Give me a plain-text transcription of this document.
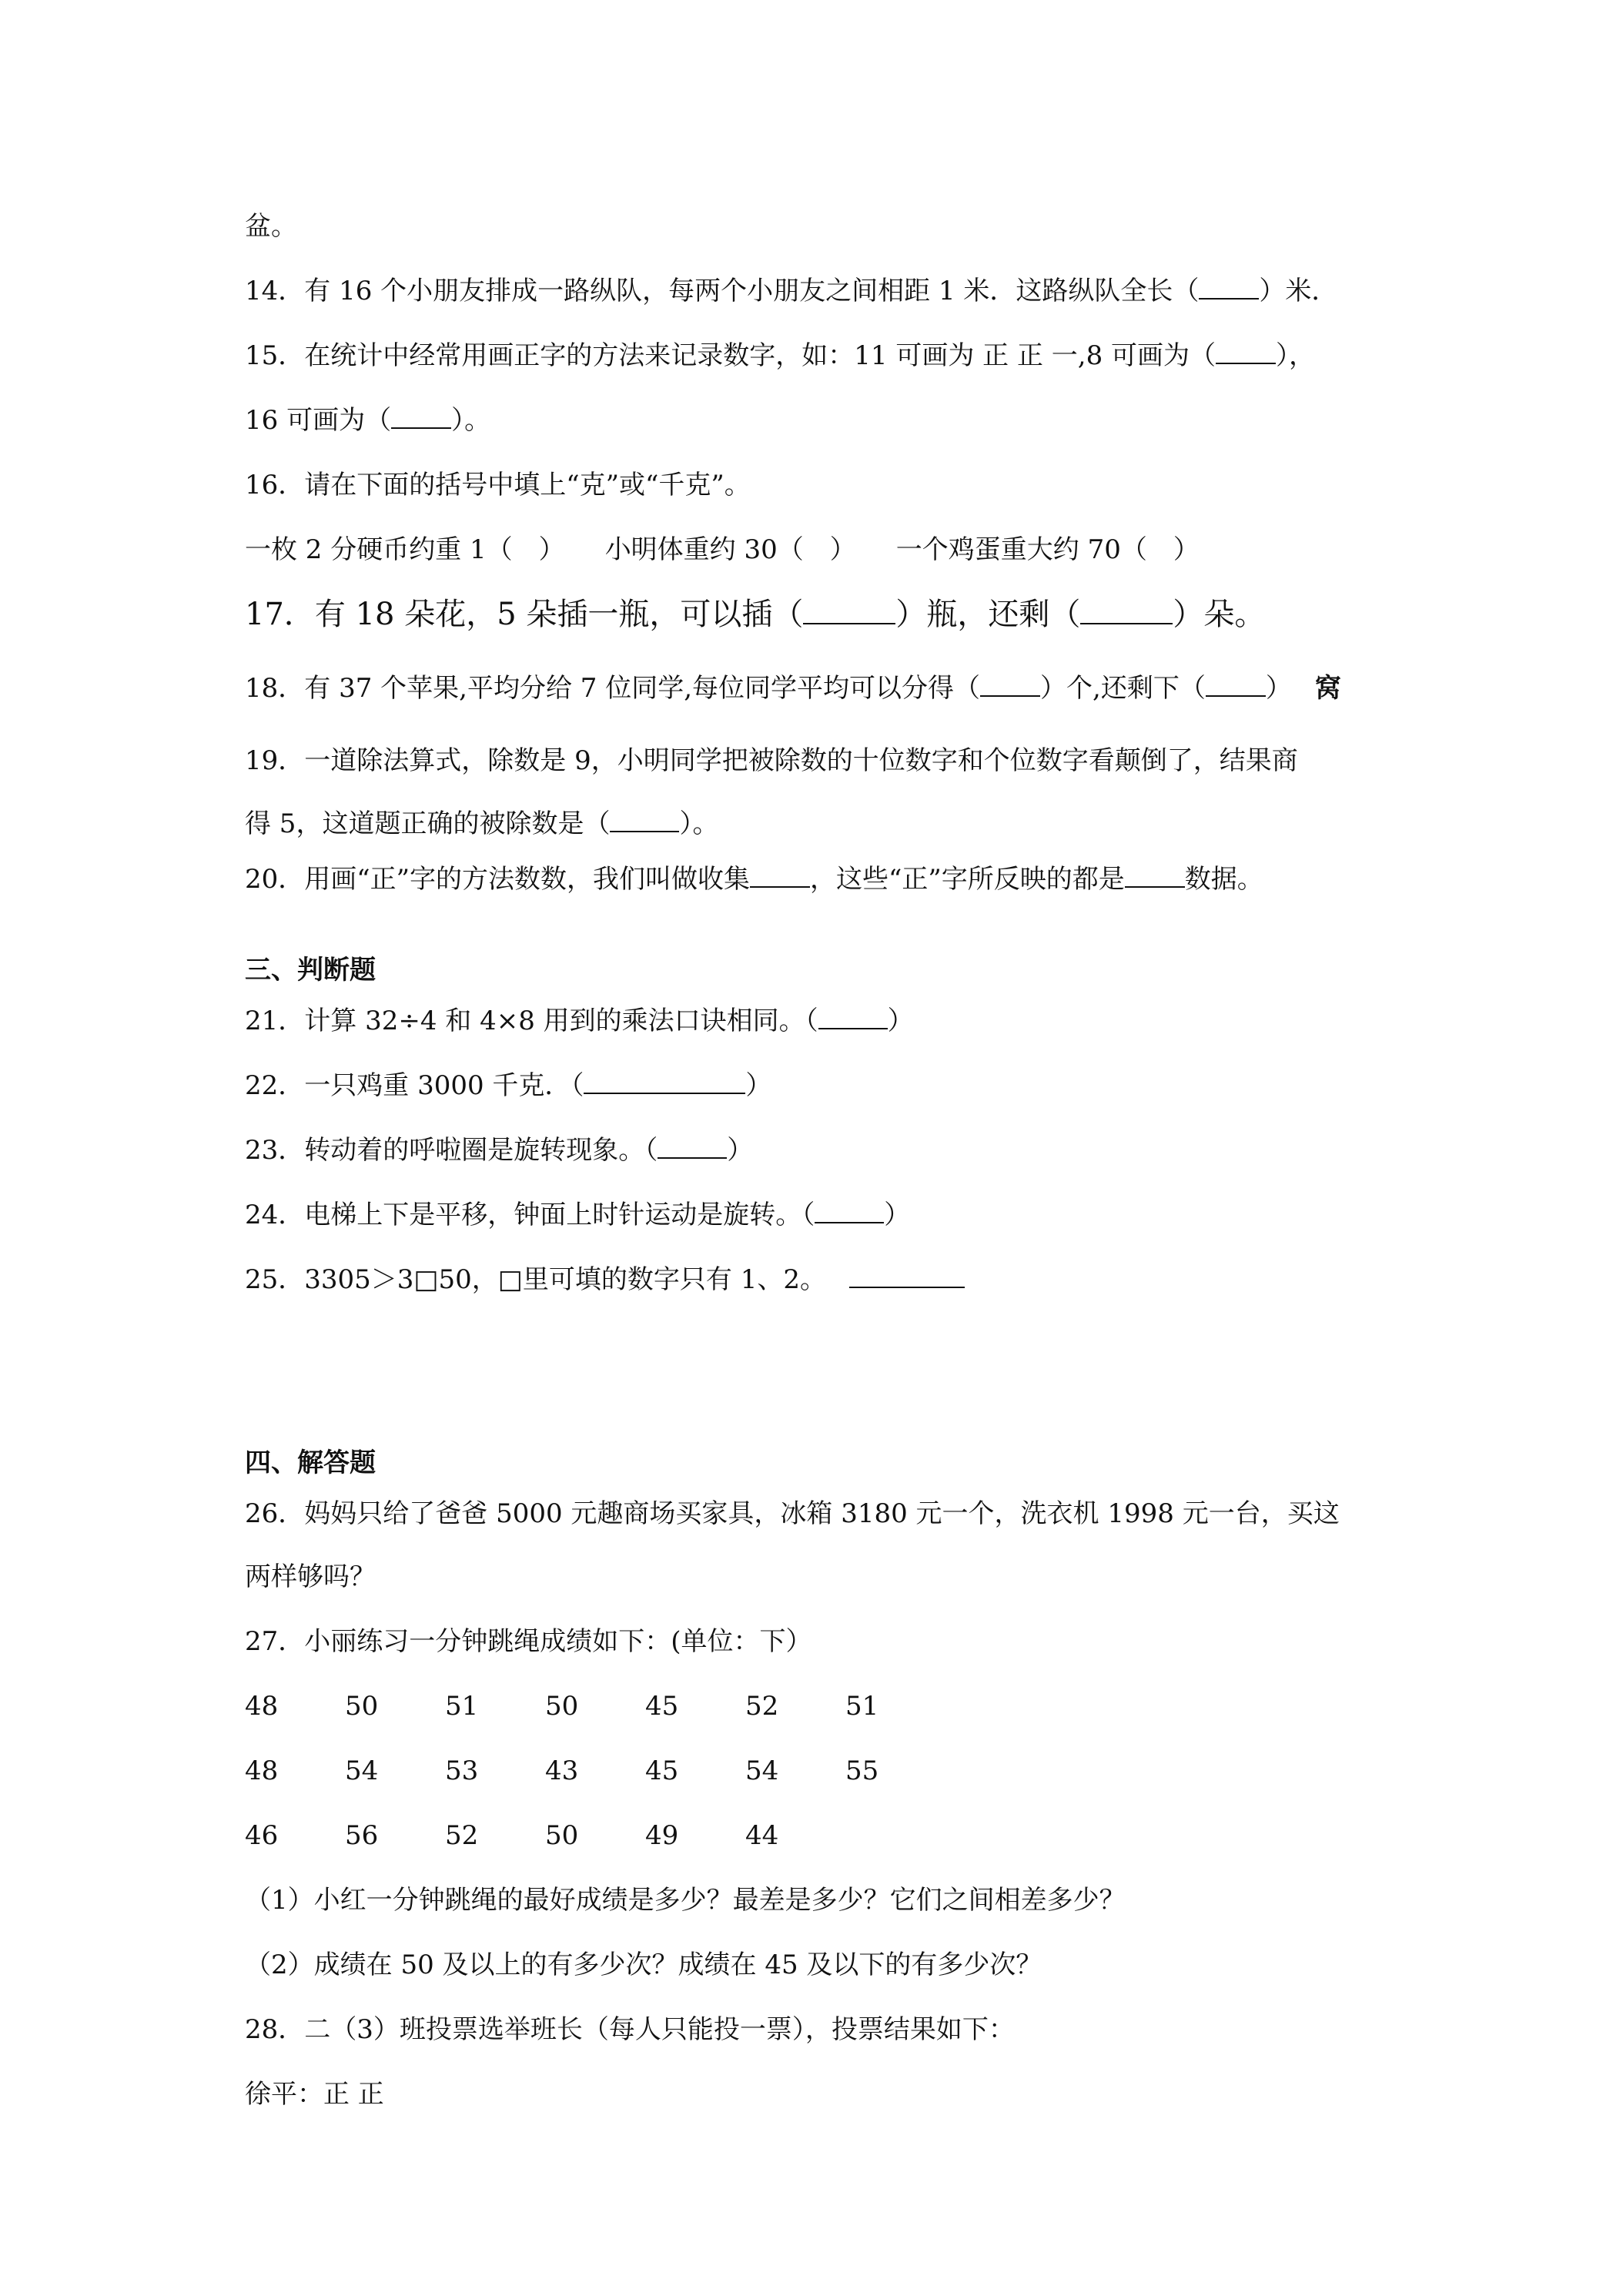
盆。
14．有 16 个小朋友排成一路纵队，每两个小朋友之间相距 1 米．这路纵队全长（ ）米．
15．在统计中经常用画正字的方法来记录数字，如：11 可画为 正 正 一,8 可画为（ ），
16 可画为（ ）。
16．请在下面的括号中填上“克”或“千克”。
一枚 2 分硬币约重 1（　） 小明体重约 30（　） 一个鸡蛋重大约 70（　）
17．有 18 朵花，5 朵插一瓶，可以插（	）瓶，还剩（	）朵。
18．有 37 个苹果,平均分给 7 位同学,每位同学平均可以分得（ ）个,还剩下（ ） 窝
19．一道除法算式，除数是 9，小明同学把被除数的十位数字和个位数字看颠倒了，结果商
得 5，这道题正确的被除数是（	）。
20．用画“正”字的方法数数，我们叫做收集 ，这些“正”字所反映的都是 数据。
三、判断题
21．计算 32÷4 和 4×8 用到的乘法口诀相同。（	）
22．一只鸡重 3000 千克．（	）
23．转动着的呼啦圈是旋转现象。（	）
24．电梯上下是平移，钟面上时针运动是旋转。（	）
25．3305＞3□50，□里可填的数字只有 1、2。
四、解答题
26．妈妈只给了爸爸 5000 元趣商场买家具，冰箱 3180 元一个，洗衣机 1998 元一台，买这
两样够吗？
27．小丽练习一分钟跳绳成绩如下：(单位：下）
48	50	51	50	45	52	51
48	54	53	43	45	54	55
46	56	52	50	49	44
（1）小红一分钟跳绳的最好成绩是多少？最差是多少？它们之间相差多少？
（2）成绩在 50 及以上的有多少次？成绩在 45 及以下的有多少次？
28．二（3）班投票选举班长（每人只能投一票），投票结果如下：
徐平：正 正
